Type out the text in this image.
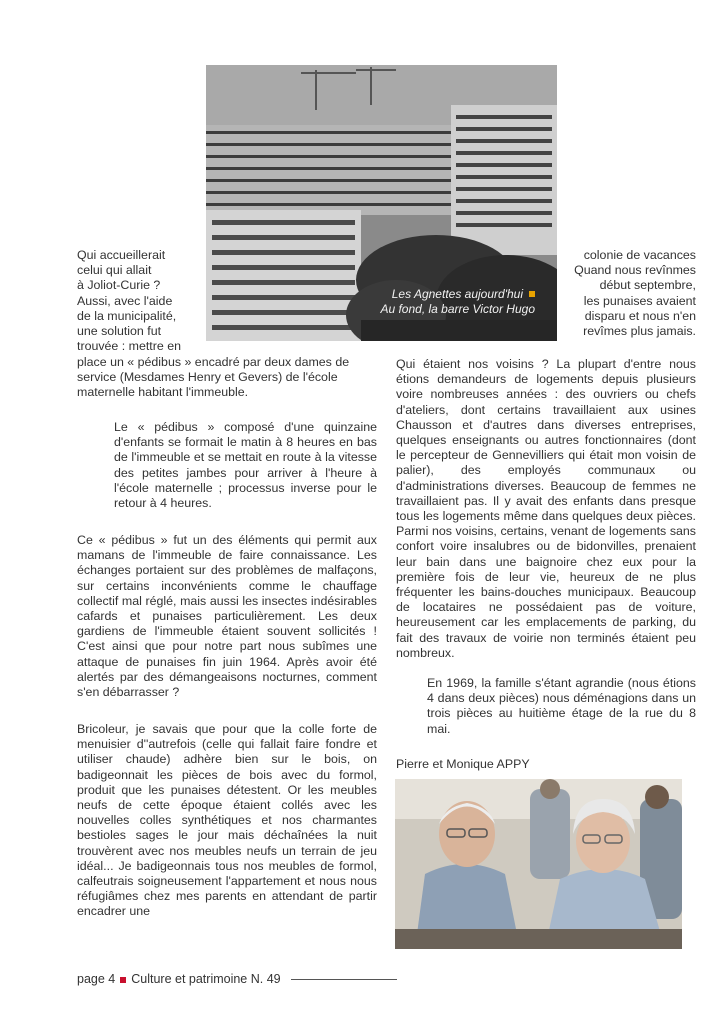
Les Agnettes aujourd'hui
Au fond, la barre Victor Hugo
Qui accueillerait
celui qui allait
à Joliot-Curie ?
Aussi, avec l'aide
de la municipalité,
une solution fut
trouvée : mettre en
place un « pédibus » encadré par deux dames de
service (Mesdames Henry et Gevers) de l'école
maternelle habitant l'immeuble.

Le « pédibus » composé d'une quinzaine d'enfants se formait le matin à 8 heures en bas de l'immeuble et se mettait en route à la vitesse des petites jambes pour arriver à l'heure à l'école maternelle ; processus inverse pour le retour à 4 heures.

Ce « pédibus » fut un des éléments qui permit aux mamans de l'immeuble de faire connaissance. Les échanges portaient sur des problèmes de malfaçons, sur certains inconvénients comme le chauffage collectif mal réglé, mais aussi les insectes indésirables cafards et punaises particulièrement. Les deux gardiens de l'immeuble étaient souvent sollicités ! C'est ainsi que pour notre part nous subîmes une attaque de punaises fin juin 1964. Après avoir été alertés par des démangeaisons nocturnes, comment s'en débarrasser ?

Bricoleur, je savais que pour que la colle forte de menuisier d''autrefois (celle qui fallait faire fondre et utiliser chaude) adhère bien sur le bois, on badigeonnait les pièces de bois avec du formol, produit que les punaises détestent. Or les meubles neufs de cette époque étaient collés avec les nouvelles colles synthétiques et nos charmantes bestioles sages le jour mais déchaînées la nuit trouvèrent avec nos meubles neufs un terrain de jeu idéal... Je badigeonnais tous nos meubles de formol, calfeutrais soigneusement l'appartement et nous nous réfugiâmes chez mes parents en attendant de partir encadrer une

colonie de vacances
Quand nous revînmes
début septembre,
les punaises avaient
disparu et nous n'en
revîmes plus jamais.

Qui étaient nos voisins ? La plupart d'entre nous étions demandeurs de logements depuis plusieurs voire nombreuses années : des ouvriers ou chefs d'ateliers, dont certains travaillaient aux usines Chausson et d'autres dans diverses entreprises, quelques enseignants ou autres fonctionnaires (dont le percepteur de Gennevilliers qui était mon voisin de palier), des employés communaux ou d'administrations diverses. Beaucoup de femmes ne travaillaient pas. Il y avait des enfants dans presque tous les logements même dans quelques deux pièces. Parmi nos voisins, certains, venant de logements sans confort voire insalubres ou de bidonvilles, prenaient leur bain dans une baignoire chez eux pour la première fois de leur vie, heureux de ne plus fréquenter les bains-douches municipaux. Beaucoup de locataires ne possédaient pas de voiture, heureusement car les emplacements de parking, du fait des travaux de voirie non terminés étaient peu nombreux.

En 1969, la famille s'étant agrandie (nous étions 4 dans deux pièces) nous déménagions dans un trois pièces au huitième étage de la rue du 8 mai.

Pierre et Monique APPY
page 4 Culture et patrimoine N. 49
